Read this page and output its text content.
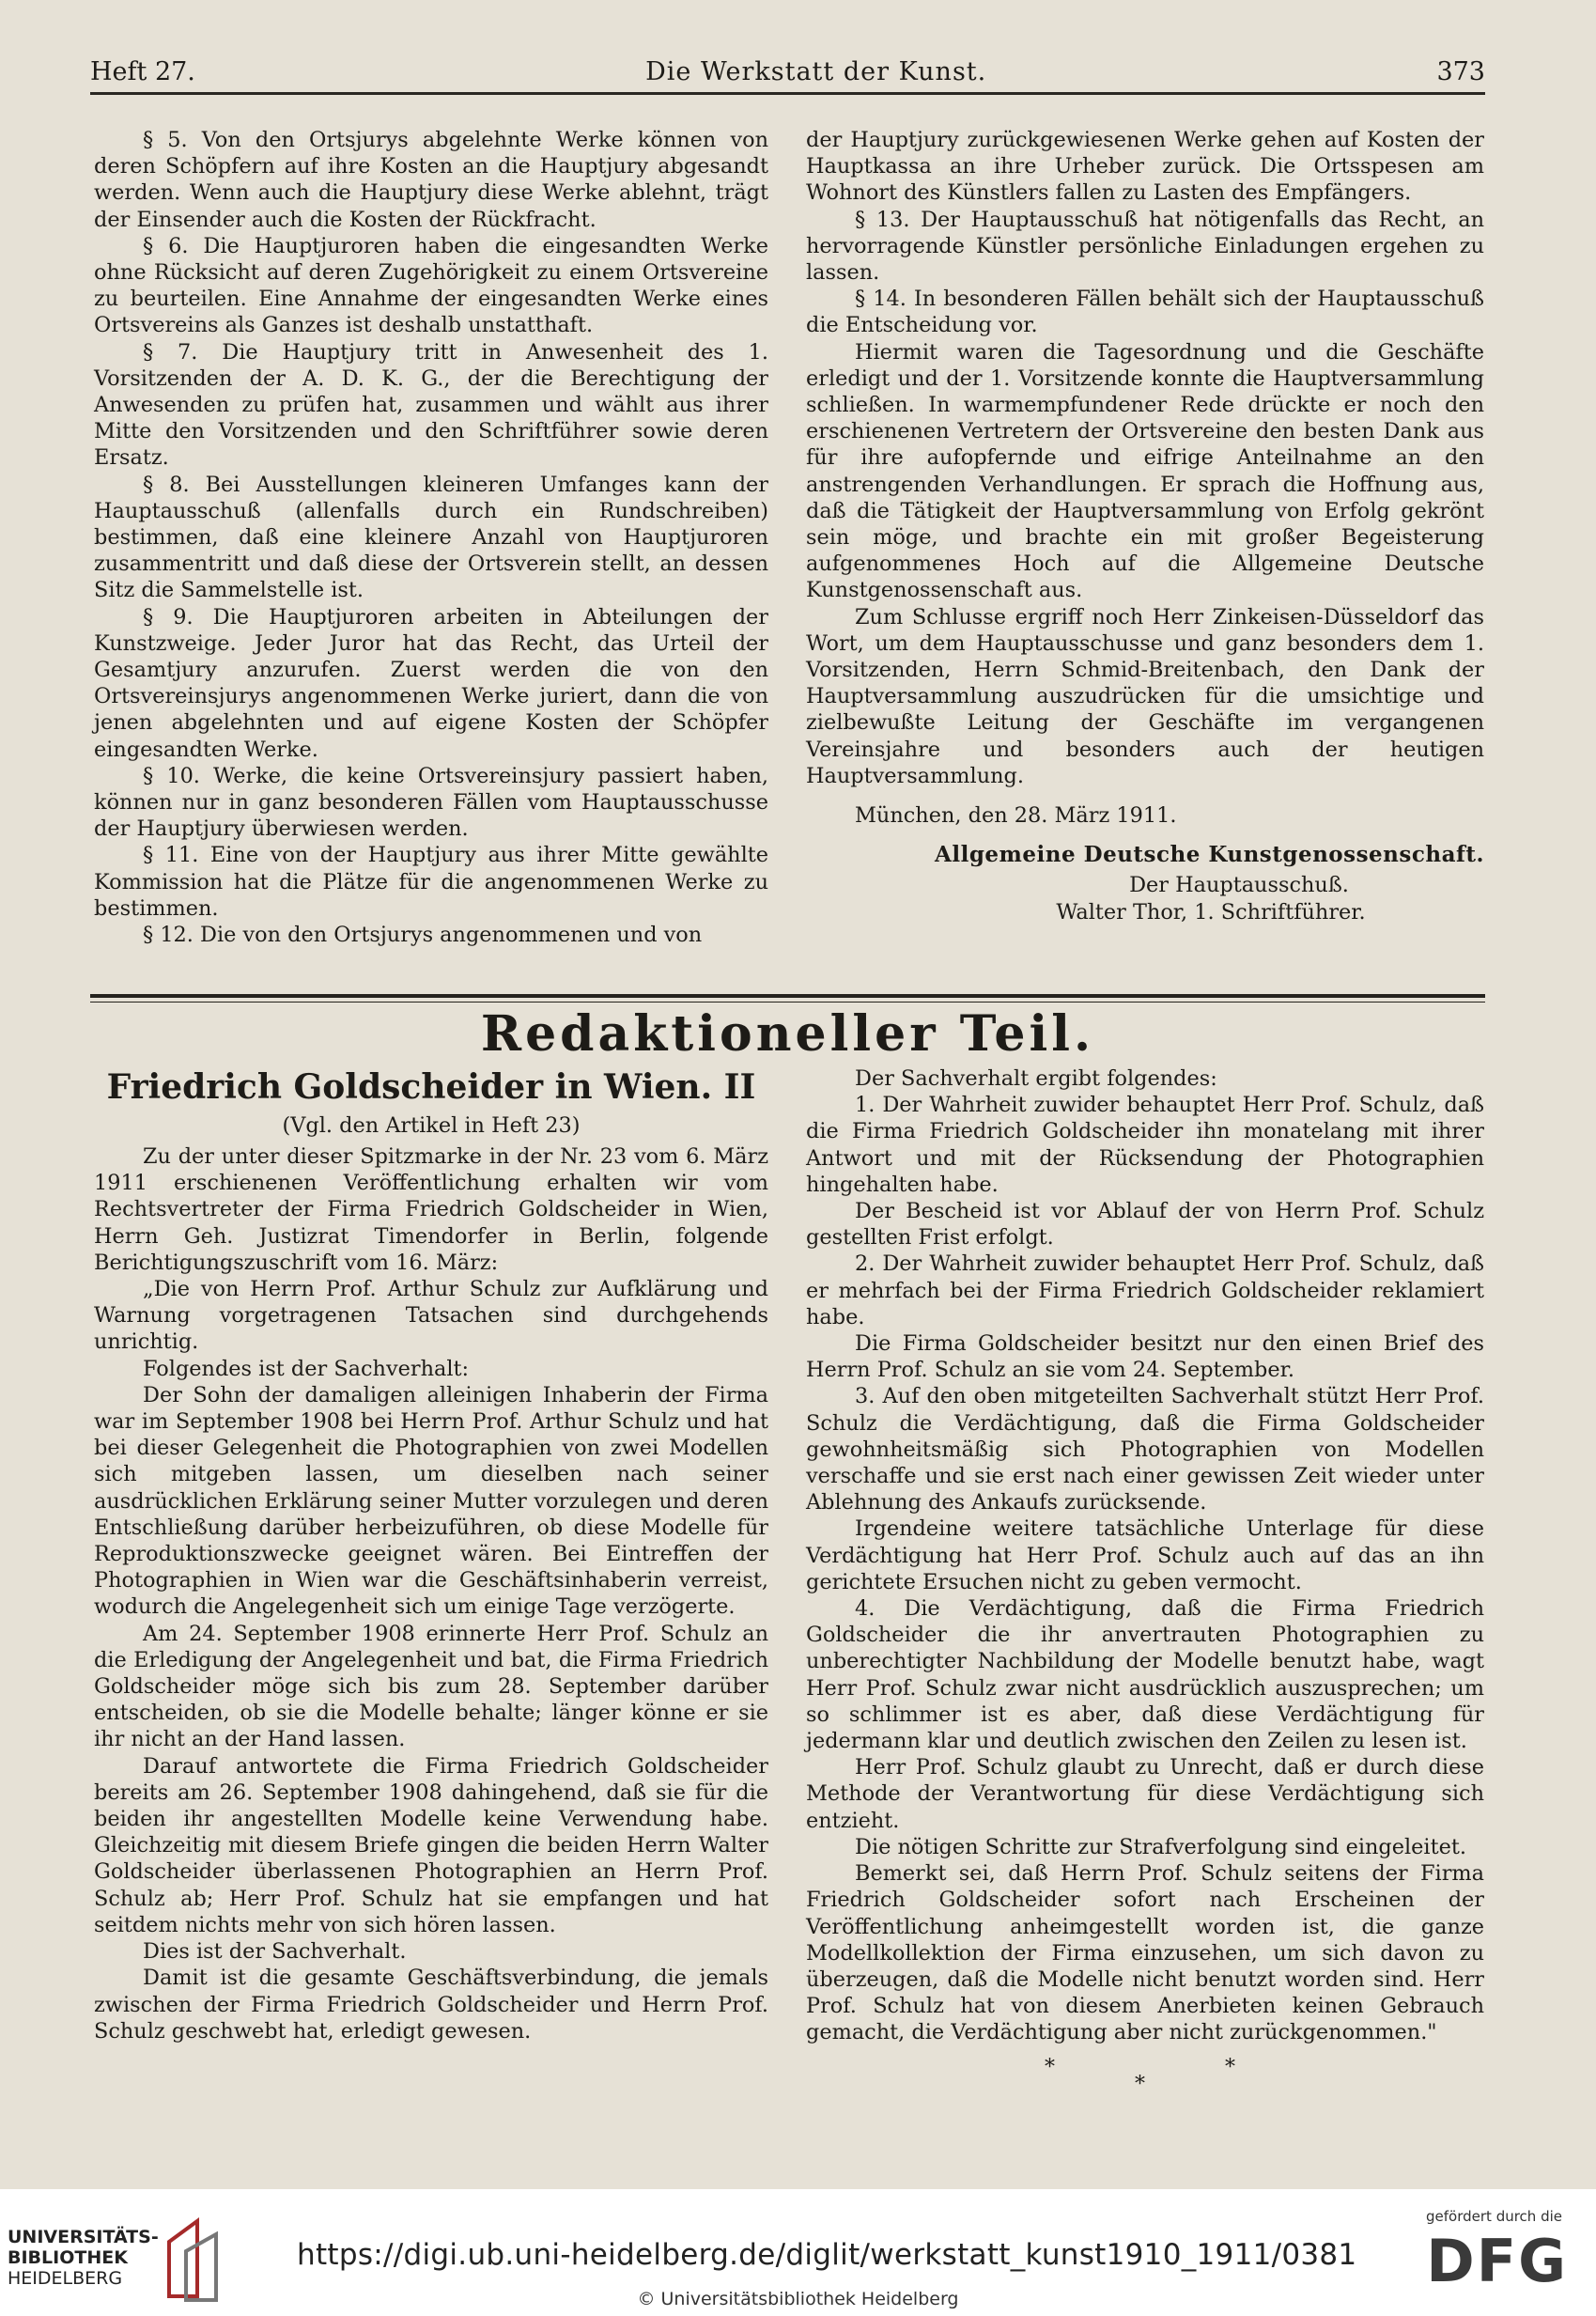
Heft 27.	Die Werkstatt der Kunst.	373

§ 5. Von den Ortsjurys abgelehnte Werke können von deren Schöpfern auf ihre Kosten an die Hauptjury abgesandt werden. Wenn auch die Hauptjury diese Werke ablehnt, trägt der Einsender auch die Kosten der Rückfracht.

§ 6. Die Hauptjuroren haben die eingesandten Werke ohne Rücksicht auf deren Zugehörigkeit zu einem Ortsvereine zu beurteilen. Eine Annahme der eingesandten Werke eines Ortsvereins als Ganzes ist deshalb unstatthaft.

§ 7. Die Hauptjury tritt in Anwesenheit des 1. Vorsitzenden der A. D. K. G., der die Berechtigung der Anwesenden zu prüfen hat, zusammen und wählt aus ihrer Mitte den Vorsitzenden und den Schriftführer sowie deren Ersatz.

§ 8. Bei Ausstellungen kleineren Umfanges kann der Hauptausschuß (allenfalls durch ein Rundschreiben) bestimmen, daß eine kleinere Anzahl von Hauptjuroren zusammentritt und daß diese der Ortsverein stellt, an dessen Sitz die Sammelstelle ist.

§ 9. Die Hauptjuroren arbeiten in Abteilungen der Kunstzweige. Jeder Juror hat das Recht, das Urteil der Gesamtjury anzurufen. Zuerst werden die von den Ortsvereinsjurys angenommenen Werke juriert, dann die von jenen abgelehnten und auf eigene Kosten der Schöpfer eingesandten Werke.

§ 10. Werke, die keine Ortsvereinsjury passiert haben, können nur in ganz besonderen Fällen vom Hauptausschusse der Hauptjury überwiesen werden.

§ 11. Eine von der Hauptjury aus ihrer Mitte gewählte Kommission hat die Plätze für die angenommenen Werke zu bestimmen.

§ 12. Die von den Ortsjurys angenommenen und von

der Hauptjury zurückgewiesenen Werke gehen auf Kosten der Hauptkassa an ihre Urheber zurück. Die Ortsspesen am Wohnort des Künstlers fallen zu Lasten des Empfängers.

§ 13. Der Hauptausschuß hat nötigenfalls das Recht, an hervorragende Künstler persönliche Einladungen ergehen zu lassen.

§ 14. In besonderen Fällen behält sich der Hauptausschuß die Entscheidung vor.

Hiermit waren die Tagesordnung und die Geschäfte erledigt und der 1. Vorsitzende konnte die Hauptversammlung schließen. In warmempfundener Rede drückte er noch den erschienenen Vertretern der Ortsvereine den besten Dank aus für ihre aufopfernde und eifrige Anteilnahme an den anstrengenden Verhandlungen. Er sprach die Hoffnung aus, daß die Tätigkeit der Hauptversammlung von Erfolg gekrönt sein möge, und brachte ein mit großer Begeisterung aufgenommenes Hoch auf die Allgemeine Deutsche Kunstgenossenschaft aus.

Zum Schlusse ergriff noch Herr Zinkeisen-Düsseldorf das Wort, um dem Hauptausschusse und ganz besonders dem 1. Vorsitzenden, Herrn Schmid-Breitenbach, den Dank der Hauptversammlung auszudrücken für die umsichtige und zielbewußte Leitung der Geschäfte im vergangenen Vereinsjahre und besonders auch der heutigen Hauptversammlung.

München, den 28. März 1911.

Allgemeine Deutsche Kunstgenossenschaft.

Der Hauptausschuß.

Walter Thor, 1. Schriftführer.

Redaktioneller Teil.
Friedrich Goldscheider in Wien. II
(Vgl. den Artikel in Heft 23)

Zu der unter dieser Spitzmarke in der Nr. 23 vom 6. März 1911 erschienenen Veröffentlichung erhalten wir vom Rechtsvertreter der Firma Friedrich Goldscheider in Wien, Herrn Geh. Justizrat Timendorfer in Berlin, folgende Berichtigungszuschrift vom 16. März:

„Die von Herrn Prof. Arthur Schulz zur Aufklärung und Warnung vorgetragenen Tatsachen sind durchgehends unrichtig.

Folgendes ist der Sachverhalt:

Der Sohn der damaligen alleinigen Inhaberin der Firma war im September 1908 bei Herrn Prof. Arthur Schulz und hat bei dieser Gelegenheit die Photographien von zwei Modellen sich mitgeben lassen, um dieselben nach seiner ausdrücklichen Erklärung seiner Mutter vorzulegen und deren Entschließung darüber herbeizuführen, ob diese Modelle für Reproduktionszwecke geeignet wären. Bei Eintreffen der Photographien in Wien war die Geschäftsinhaberin verreist, wodurch die Angelegenheit sich um einige Tage verzögerte.

Am 24. September 1908 erinnerte Herr Prof. Schulz an die Erledigung der Angelegenheit und bat, die Firma Friedrich Goldscheider möge sich bis zum 28. September darüber entscheiden, ob sie die Modelle behalte; länger könne er sie ihr nicht an der Hand lassen.

Darauf antwortete die Firma Friedrich Goldscheider bereits am 26. September 1908 dahingehend, daß sie für die beiden ihr angestellten Modelle keine Verwendung habe. Gleichzeitig mit diesem Briefe gingen die beiden Herrn Walter Goldscheider überlassenen Photographien an Herrn Prof. Schulz ab; Herr Prof. Schulz hat sie empfangen und hat seitdem nichts mehr von sich hören lassen.

Dies ist der Sachverhalt.

Damit ist die gesamte Geschäftsverbindung, die jemals zwischen der Firma Friedrich Goldscheider und Herrn Prof. Schulz geschwebt hat, erledigt gewesen.

Der Sachverhalt ergibt folgendes:

1. Der Wahrheit zuwider behauptet Herr Prof. Schulz, daß die Firma Friedrich Goldscheider ihn monatelang mit ihrer Antwort und mit der Rücksendung der Photographien hingehalten habe.

Der Bescheid ist vor Ablauf der von Herrn Prof. Schulz gestellten Frist erfolgt.

2. Der Wahrheit zuwider behauptet Herr Prof. Schulz, daß er mehrfach bei der Firma Friedrich Goldscheider reklamiert habe.

Die Firma Goldscheider besitzt nur den einen Brief des Herrn Prof. Schulz an sie vom 24. September.

3. Auf den oben mitgeteilten Sachverhalt stützt Herr Prof. Schulz die Verdächtigung, daß die Firma Goldscheider gewohnheitsmäßig sich Photographien von Modellen verschaffe und sie erst nach einer gewissen Zeit wieder unter Ablehnung des Ankaufs zurücksende.

Irgendeine weitere tatsächliche Unterlage für diese Verdächtigung hat Herr Prof. Schulz auch auf das an ihn gerichtete Ersuchen nicht zu geben vermocht.

4. Die Verdächtigung, daß die Firma Friedrich Goldscheider die ihr anvertrauten Photographien zu unberechtigter Nachbildung der Modelle benutzt habe, wagt Herr Prof. Schulz zwar nicht ausdrücklich auszusprechen; um so schlimmer ist es aber, daß diese Verdächtigung für jedermann klar und deutlich zwischen den Zeilen zu lesen ist.

Herr Prof. Schulz glaubt zu Unrecht, daß er durch diese Methode der Verantwortung für diese Verdächtigung sich entzieht.

Die nötigen Schritte zur Strafverfolgung sind eingeleitet.

Bemerkt sei, daß Herrn Prof. Schulz seitens der Firma Friedrich Goldscheider sofort nach Erscheinen der Veröffentlichung anheimgestellt worden ist, die ganze Modellkollektion der Firma einzusehen, um sich davon zu überzeugen, daß die Modelle nicht benutzt worden sind. Herr Prof. Schulz hat von diesem Anerbieten keinen Gebrauch gemacht, die Verdächtigung aber nicht zurückgenommen."

*
*
*
UNIVERSITÄTS-
BIBLIOTHEK
HEIDELBERG
https://digi.ub.uni-heidelberg.de/diglit/werkstatt_kunst1910_1911/0381
© Universitätsbibliothek Heidelberg
gefördert durch die
DFG
